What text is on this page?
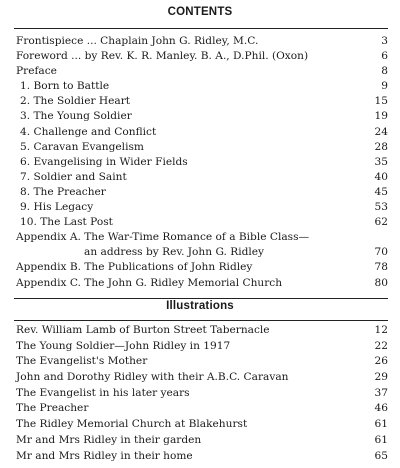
CONTENTS
Frontispiece ... Chaplain John G. Ridley, M.C.	3
Foreword ... by Rev. K. R. Manley. B. A., D.Phil. (Oxon)	6
Preface	8
1. Born to Battle	9
2. The Soldier Heart	15
3. The Young Soldier	19
4. Challenge and Conflict	24
5. Caravan Evangelism	28
6. Evangelising in Wider Fields	35
7. Soldier and Saint	40
8. The Preacher	45
9. His Legacy	53
10. The Last Post	62
Appendix A. The War-Time Romance of a Bible Class—
an address by Rev. John G. Ridley	70
Appendix B. The Publications of John Ridley	78
Appendix C. The John G. Ridley Memorial Church	80
Illustrations
Rev. William Lamb of Burton Street Tabernacle	12
The Young Soldier—John Ridley in 1917	22
The Evangelist's Mother	26
John and Dorothy Ridley with their A.B.C. Caravan	29
The Evangelist in his later years	37
The Preacher	46
The Ridley Memorial Church at Blakehurst	61
Mr and Mrs Ridley in their garden	61
Mr and Mrs Ridley in their home	65
